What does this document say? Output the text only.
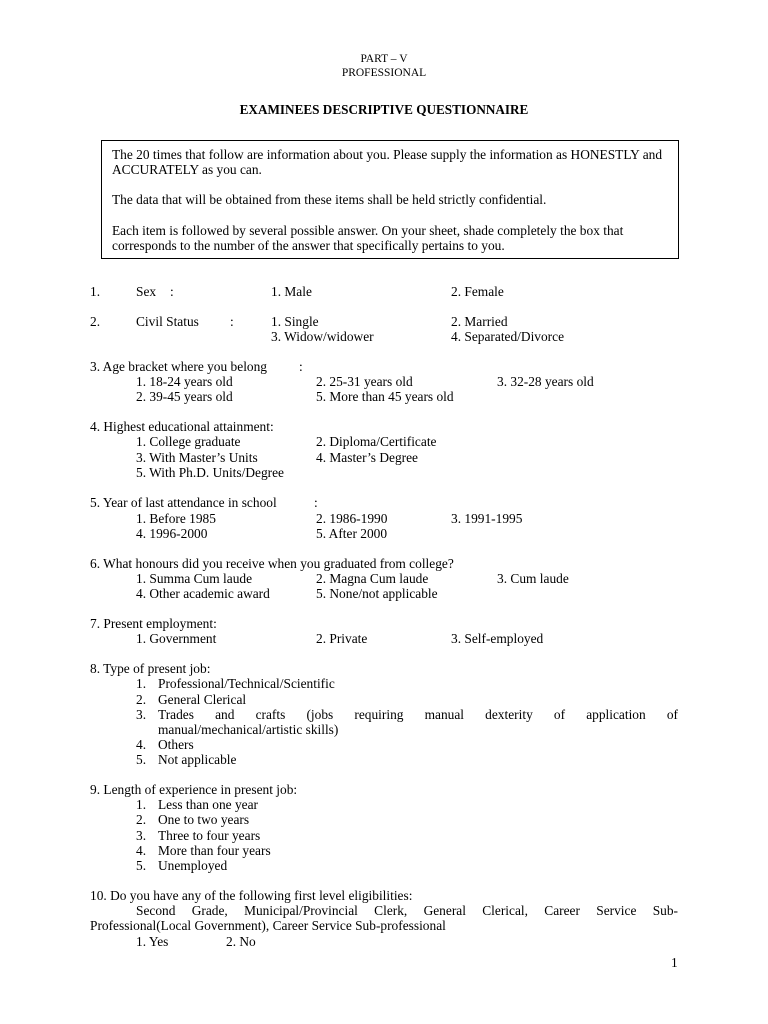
PART – V
PROFESSIONAL
EXAMINEES DESCRIPTIVE QUESTIONNAIRE

The 20 times that follow are information about you. Please supply the information as HONESTLY and ACCURATELY as you can.

The data that will be obtained from these items shall be held strictly confidential.

Each item is followed by several possible answer. On your sheet, shade completely the box that corresponds to the number of the answer that specifically pertains to you.

1.	Sex :	1. Male	2. Female
2.	Civil Status :	1. Single	2. Married
3. Widow/widower	4. Separated/Divorce
3. Age bracket where you belong :
1. 18-24 years old	2. 25-31 years old	3. 32-28 years old
2. 39-45 years old	5. More than 45 years old
4. Highest educational attainment:
1. College graduate	2. Diploma/Certificate
3. With Master’s Units	4. Master’s Degree
5. With Ph.D. Units/Degree
5. Year of last attendance in school	:
1. Before 1985	2. 1986-1990	3. 1991-1995
4. 1996-2000	5. After 2000
6. What honours did you receive when you graduated from college?
1. Summa Cum laude	2. Magna Cum laude	3. Cum laude
4. Other academic award	5. None/not applicable
7. Present employment:
1. Government	2. Private	3. Self-employed
8. Type of present job:
1. Professional/Technical/Scientific
2. General Clerical
3. Trades and crafts (jobs requiring manual dexterity of application of
manual/mechanical/artistic skills)
4. Others
5. Not applicable
9. Length of experience in present job:
1. Less than one year
2. One to two years
3. Three to four years
4. More than four years
5. Unemployed
10. Do you have any of the following first level eligibilities:
Second Grade, Municipal/Provincial Clerk, General Clerical, Career Service Sub-
Professional(Local Government), Career Service Sub-professional
1. Yes	2. No
1
